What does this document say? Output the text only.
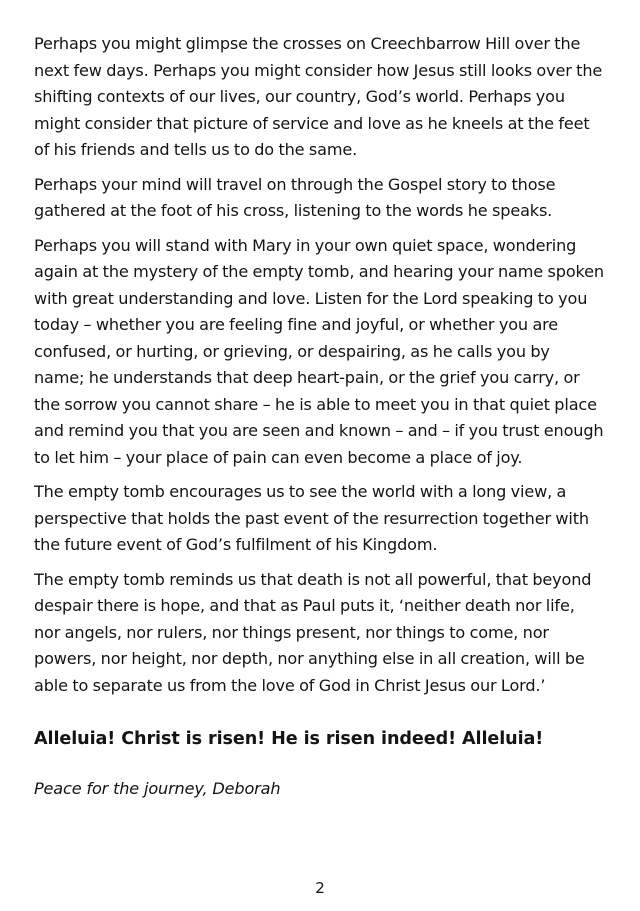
Perhaps you might glimpse the crosses on Creechbarrow Hill over the next few days. Perhaps you might consider how Jesus still looks over the shifting contexts of our lives, our country, God’s world. Perhaps you might consider that picture of service and love as he kneels at the feet of his friends and tells us to do the same.

Perhaps your mind will travel on through the Gospel story to those gathered at the foot of his cross, listening to the words he speaks.

Perhaps you will stand with Mary in your own quiet space, wondering again at the mystery of the empty tomb, and hearing your name spoken with great understanding and love. Listen for the Lord speaking to you today – whether you are feeling fine and joyful, or whether you are confused, or hurting, or grieving, or despairing, as he calls you by name; he understands that deep heart-pain, or the grief you carry, or the sorrow you cannot share – he is able to meet you in that quiet place and remind you that you are seen and known – and – if you trust enough to let him – your place of pain can even become a place of joy.

The empty tomb encourages us to see the world with a long view, a perspective that holds the past event of the resurrection together with the future event of God’s fulfilment of his Kingdom.

The empty tomb reminds us that death is not all powerful, that beyond despair there is hope, and that as Paul puts it, ‘neither death nor life, nor angels, nor rulers, nor things present, nor things to come, nor powers, nor height, nor depth, nor anything else in all creation, will be able to separate us from the love of God in Christ Jesus our Lord.’

Alleluia! Christ is risen! He is risen indeed! Alleluia!

Peace for the journey, Deborah

2
